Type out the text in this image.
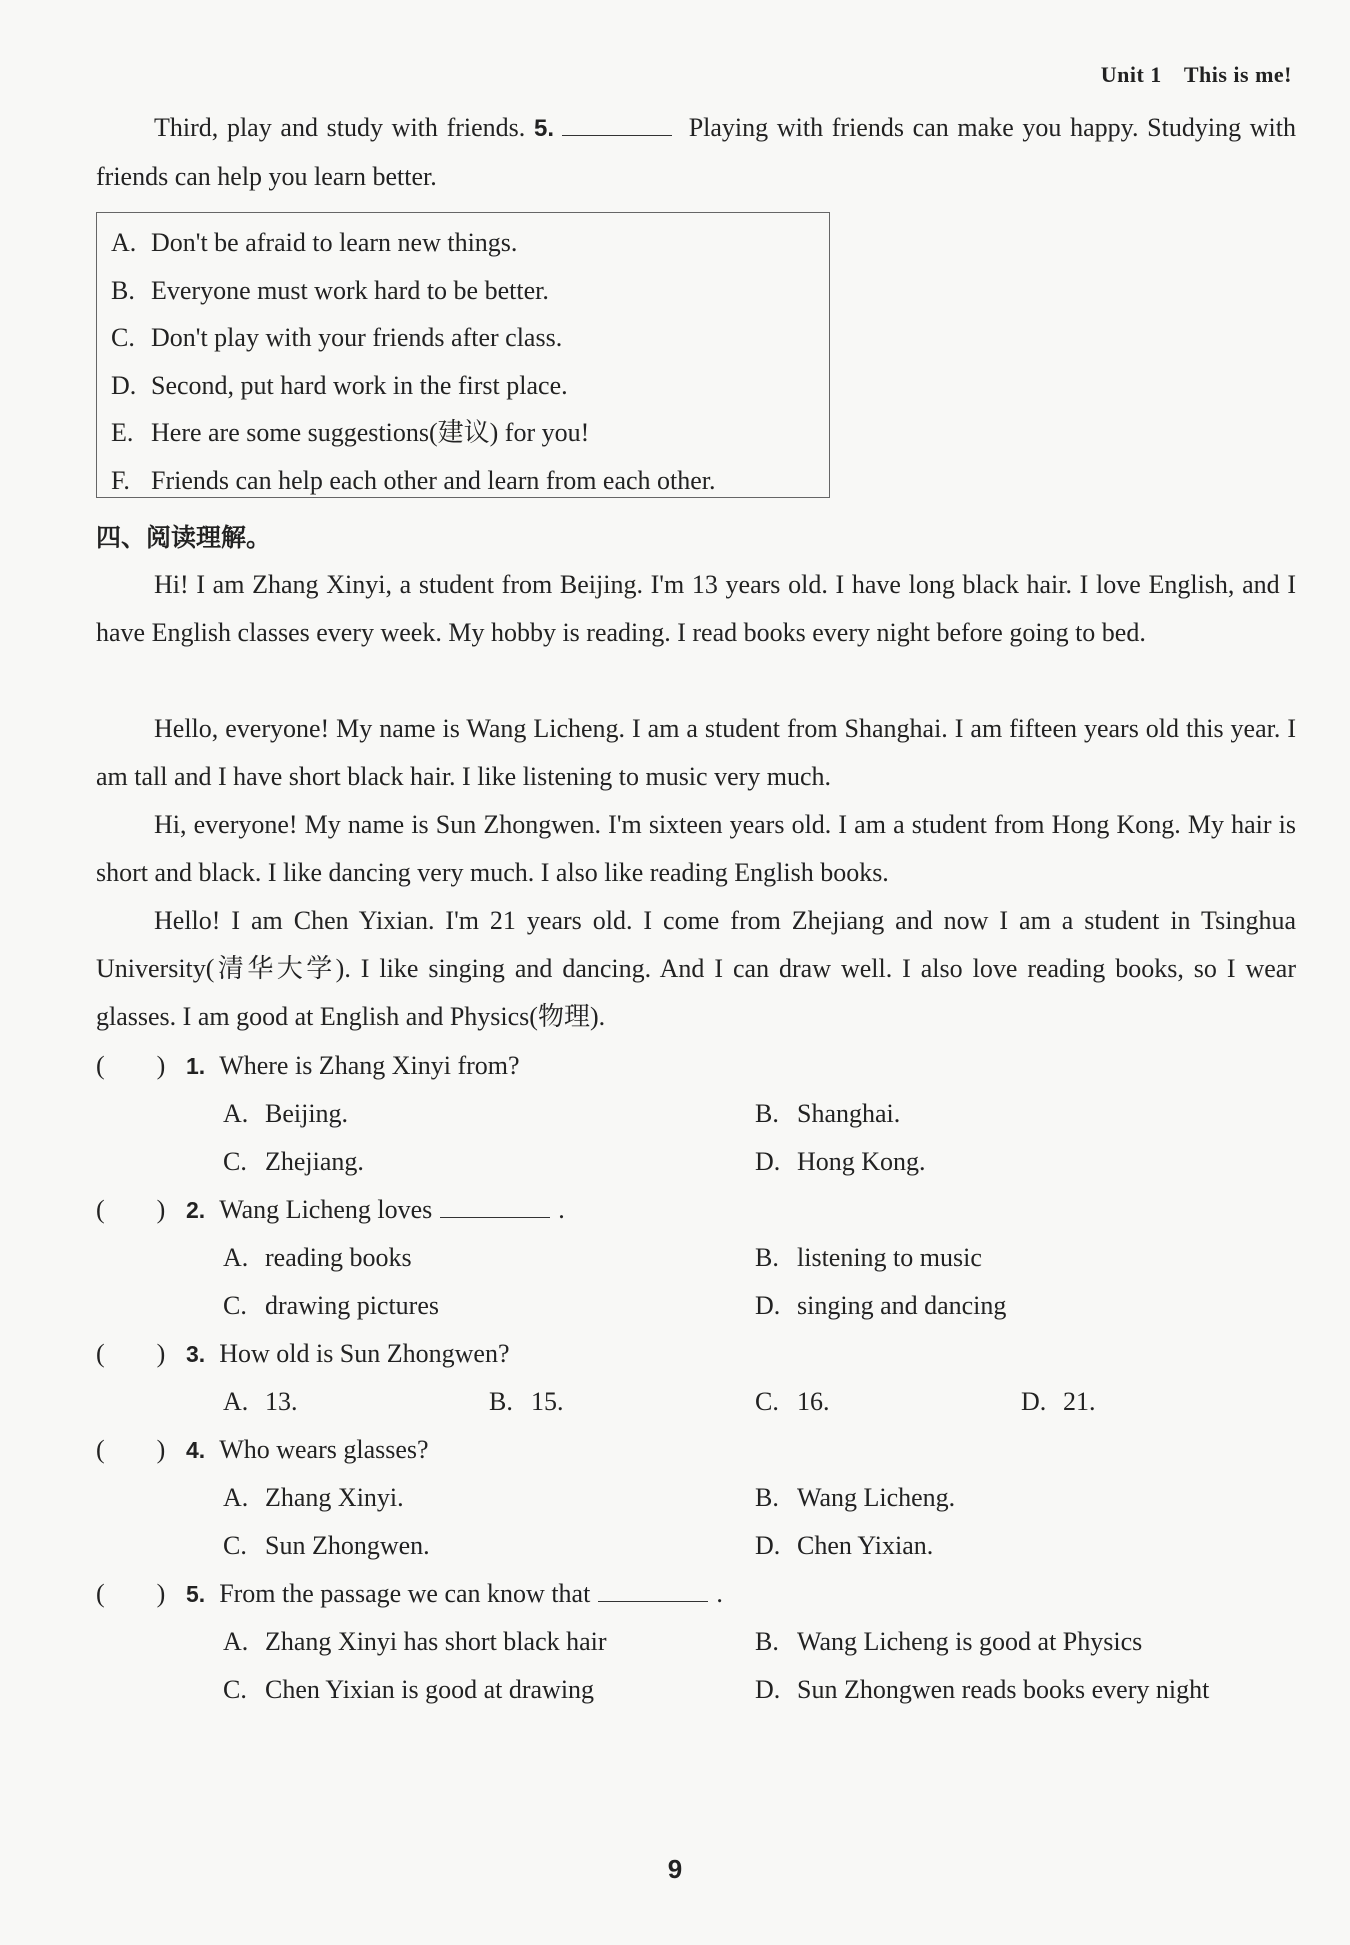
Unit 1 This is me!
Third, play and study with friends. 5.	Playing with friends can make you happy. Studying with friends can help you learn better.
A. Don't be afraid to learn new things.
B. Everyone must work hard to be better.
C. Don't play with your friends after class.
D. Second, put hard work in the first place.
E. Here are some suggestions(建议) for you!
F. Friends can help each other and learn from each other.
四、阅读理解。
Hi! I am Zhang Xinyi, a student from Beijing. I'm 13 years old. I have long black hair. I love English, and I have English classes every week. My hobby is reading. I read books every night before going to bed.
Hello, everyone! My name is Wang Licheng. I am a student from Shanghai. I am fifteen years old this year. I am tall and I have short black hair. I like listening to music very much.
Hi, everyone! My name is Sun Zhongwen. I'm sixteen years old. I am a student from Hong Kong. My hair is short and black. I like dancing very much. I also like reading English books.
Hello! I am Chen Yixian. I'm 21 years old. I come from Zhejiang and now I am a student in Tsinghua University(清华大学). I like singing and dancing. And I can draw well. I also love reading books, so I wear glasses. I am good at English and Physics(物理).
(　　) 1. Where is Zhang Xinyi from?
A. Beijing.	B. Shanghai.
C. Zhejiang.	D. Hong Kong.
(　　) 2. Wang Licheng loves	.
A. reading books	B. listening to music
C. drawing pictures	D. singing and dancing
(　　) 3. How old is Sun Zhongwen?
A. 13.	B. 15.	C. 16.	D. 21.
(　　) 4. Who wears glasses?
A. Zhang Xinyi.	B. Wang Licheng.
C. Sun Zhongwen.	D. Chen Yixian.
(　　) 5. From the passage we can know that	.
A. Zhang Xinyi has short black hair	B. Wang Licheng is good at Physics
C. Chen Yixian is good at drawing	D. Sun Zhongwen reads books every night
9
